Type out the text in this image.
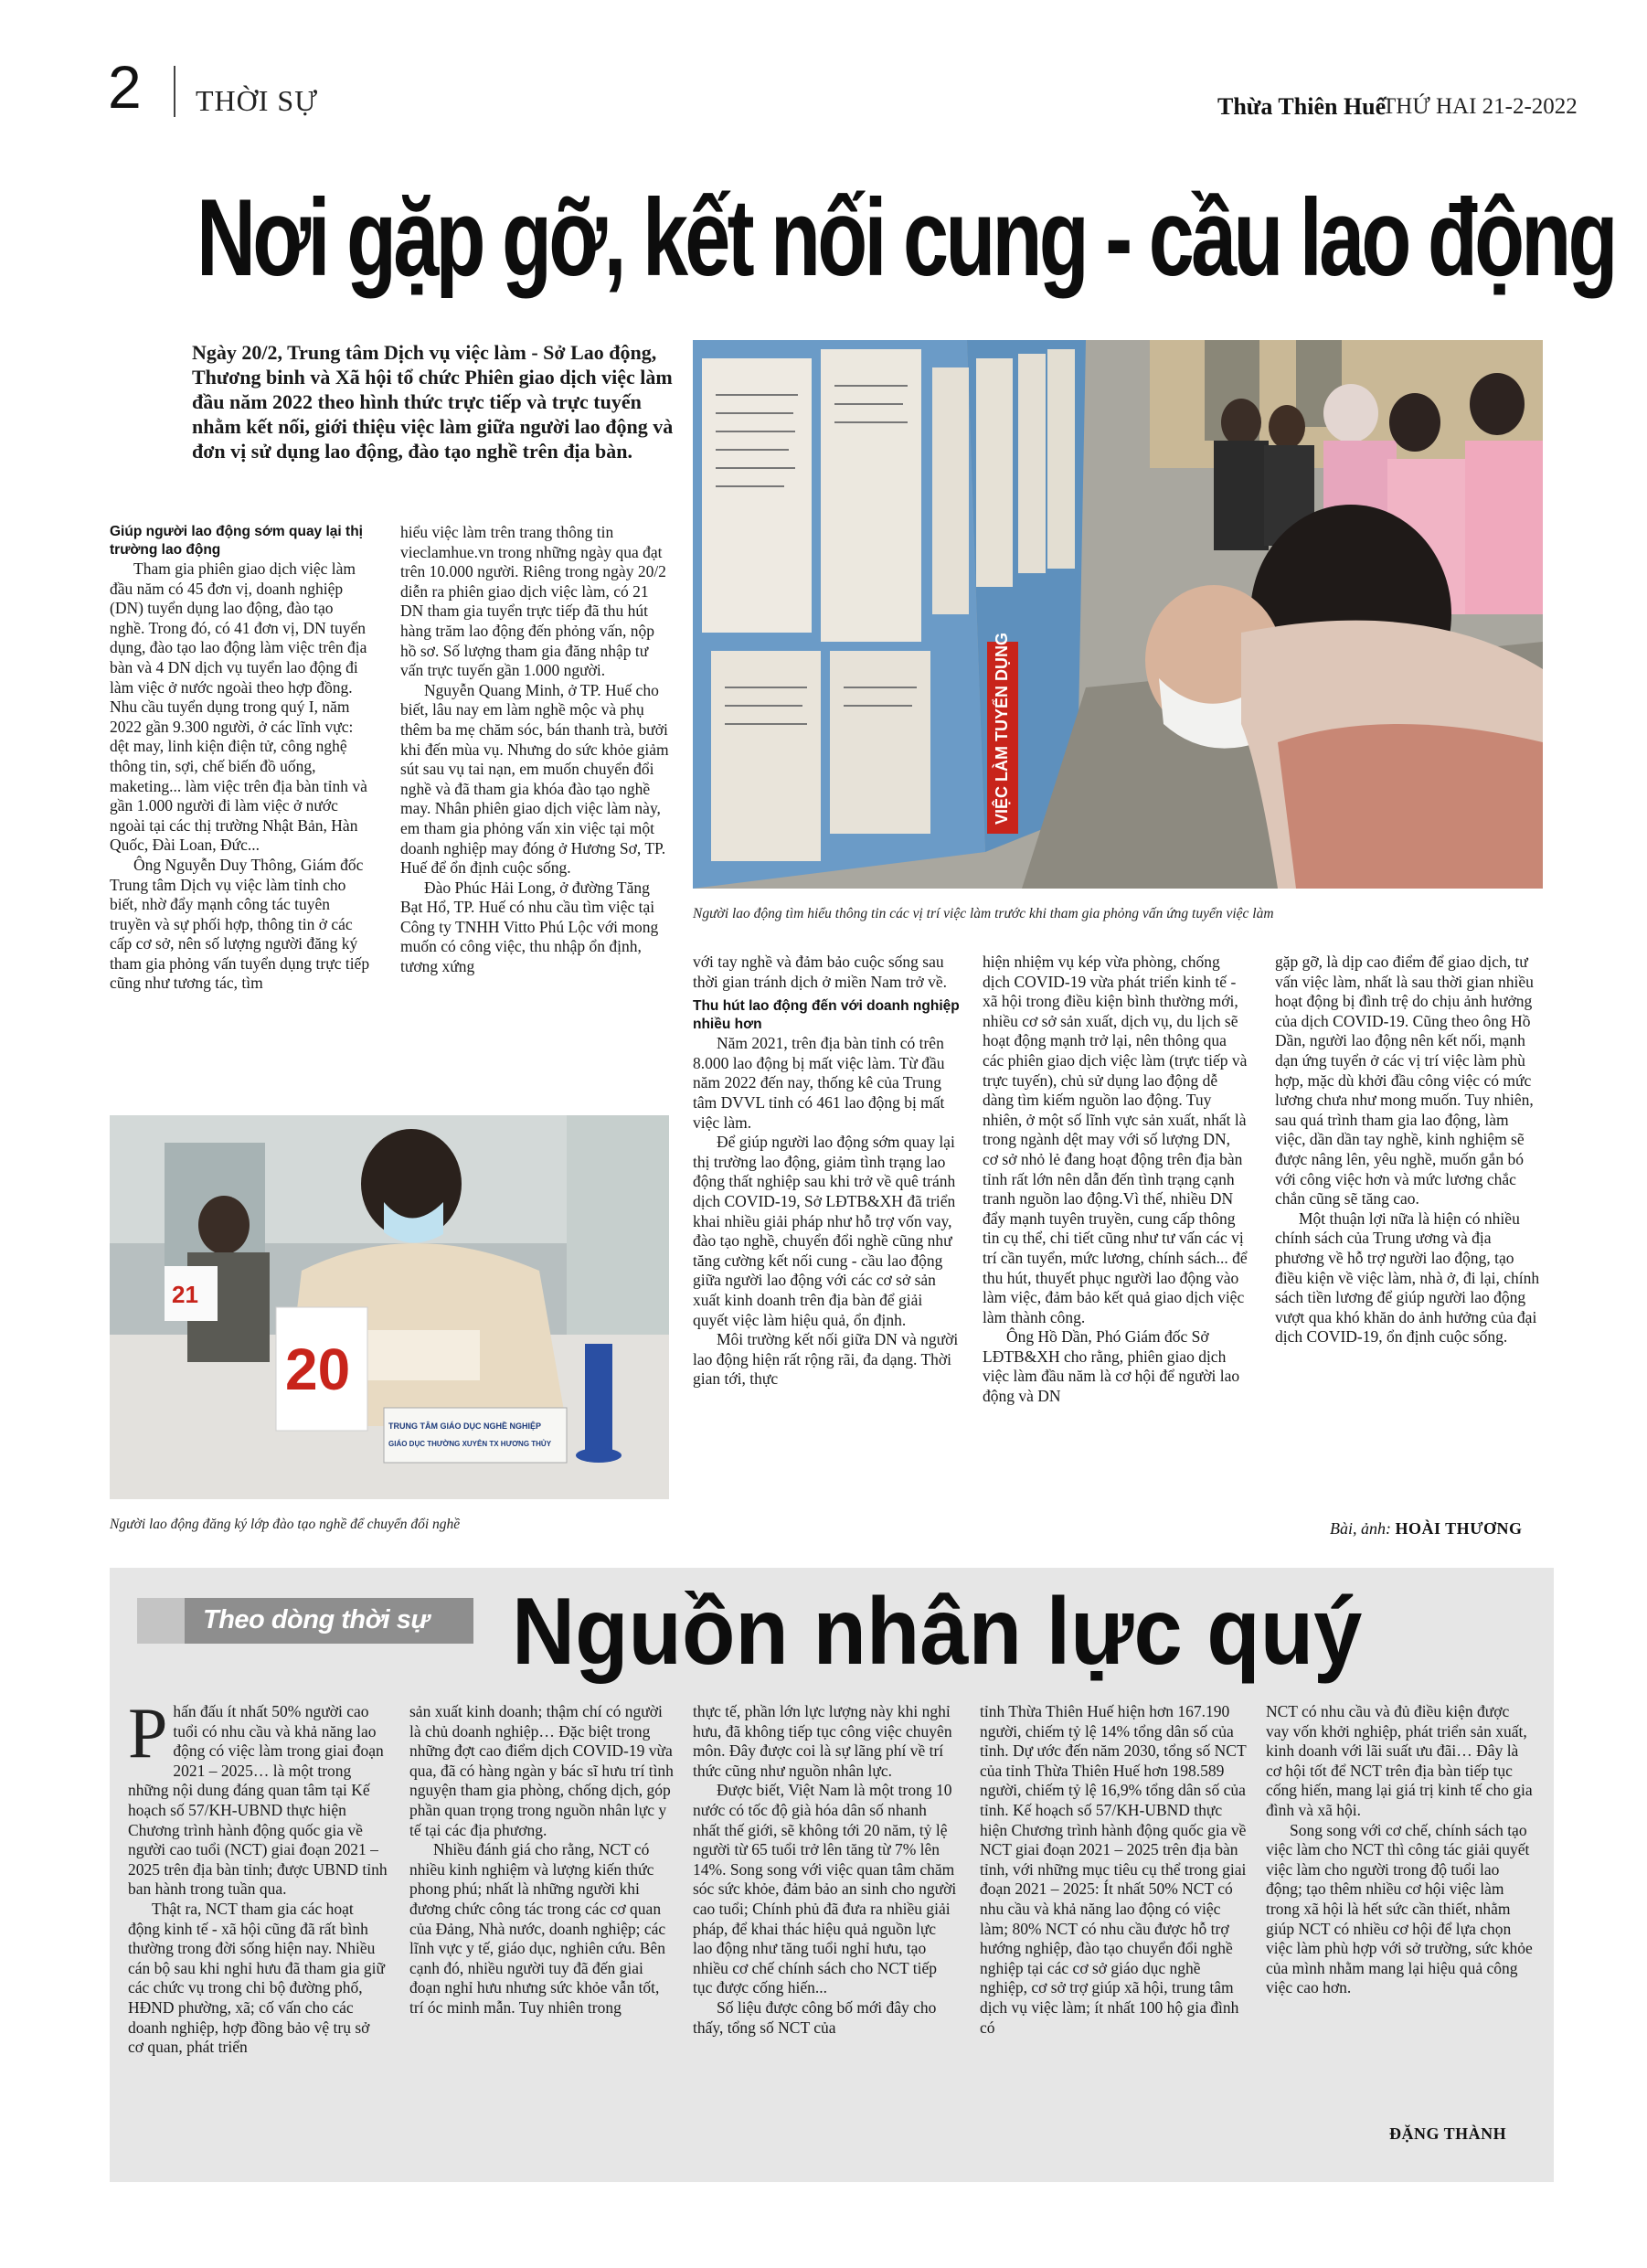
2 THỜI SỰ	Thừa Thiên Huế
THỨ HAI 21-2-2022
Nơi gặp gỡ, kết nối cung - cầu lao động
Ngày 20/2, Trung tâm Dịch vụ việc làm - Sở Lao động, Thương binh và Xã hội tổ chức Phiên giao dịch việc làm đầu năm 2022 theo hình thức trực tiếp và trực tuyến nhằm kết nối, giới thiệu việc làm giữa người lao động và đơn vị sử dụng lao động, đào tạo nghề trên địa bàn.
VIỆC LÀM TUYỂN DỤNG
Người lao động tìm hiểu thông tin các vị trí việc làm trước khi tham gia phỏng vấn ứng tuyển việc làm
21
20
TRUNG TÂM GIÁO DỤC NGHỀ NGHIỆP
GIÁO DỤC THƯỜNG XUYÊN TX HƯƠNG THỦY
Người lao động đăng ký lớp đào tạo nghề để chuyển đổi nghề

Giúp người lao động sớm quay lại thị trường lao động

Tham gia phiên giao dịch việc làm đầu năm có 45 đơn vị, doanh nghiệp (DN) tuyển dụng lao động, đào tạo nghề. Trong đó, có 41 đơn vị, DN tuyển dụng, đào tạo lao động làm việc trên địa bàn và 4 DN dịch vụ tuyển lao động đi làm việc ở nước ngoài theo hợp đồng. Nhu cầu tuyển dụng trong quý I, năm 2022 gần 9.300 người, ở các lĩnh vực: dệt may, linh kiện điện tử, công nghệ thông tin, sợi, chế biến đồ uống, maketing... làm việc trên địa bàn tỉnh và gần 1.000 người đi làm việc ở nước ngoài tại các thị trường Nhật Bản, Hàn Quốc, Đài Loan, Đức...

Ông Nguyễn Duy Thông, Giám đốc Trung tâm Dịch vụ việc làm tỉnh cho biết, nhờ đẩy mạnh công tác tuyên truyền và sự phối hợp, thông tin ở các cấp cơ sở, nên số lượng người đăng ký tham gia phỏng vấn tuyển dụng trực tiếp cũng như tương tác, tìm

hiểu việc làm trên trang thông tin vieclamhue.vn trong những ngày qua đạt trên 10.000 người. Riêng trong ngày 20/2 diễn ra phiên giao dịch việc làm, có 21 DN tham gia tuyển trực tiếp đã thu hút hàng trăm lao động đến phỏng vấn, nộp hồ sơ. Số lượng tham gia đăng nhập tư vấn trực tuyến gần 1.000 người.

Nguyễn Quang Minh, ở TP. Huế cho biết, lâu nay em làm nghề mộc và phụ thêm ba mẹ chăm sóc, bán thanh trà, bưởi khi đến mùa vụ. Nhưng do sức khỏe giảm sút sau vụ tai nạn, em muốn chuyển đổi nghề và đã tham gia khóa đào tạo nghề may. Nhân phiên giao dịch việc làm này, em tham gia phỏng vấn xin việc tại một doanh nghiệp may đóng ở Hương Sơ, TP. Huế để ổn định cuộc sống.

Đào Phúc Hải Long, ở đường Tăng Bạt Hổ, TP. Huế có nhu cầu tìm việc tại Công ty TNHH Vitto Phú Lộc với mong muốn có công việc, thu nhập ổn định, tương xứng	với tay nghề và đảm bảo cuộc sống sau thời gian tránh dịch ở miền Nam trở về.

Thu hút lao động đến với doanh nghiệp nhiều hơn

Năm 2021, trên địa bàn tỉnh có trên 8.000 lao động bị mất việc làm. Từ đầu năm 2022 đến nay, thống kê của Trung tâm DVVL tỉnh có 461 lao động bị mất việc làm.

Để giúp người lao động sớm quay lại thị trường lao động, giảm tình trạng lao động thất nghiệp sau khi trở về quê tránh dịch COVID-19, Sở LĐTB&XH đã triển khai nhiều giải pháp như hỗ trợ vốn vay, đào tạo nghề, chuyển đổi nghề cũng như tăng cường kết nối cung - cầu lao động giữa người lao động với các cơ sở sản xuất kinh doanh trên địa bàn để giải quyết việc làm hiệu quả, ổn định.

Môi trường kết nối giữa DN và người lao động hiện rất rộng rãi, đa dạng. Thời gian tới, thực

hiện nhiệm vụ kép vừa phòng, chống dịch COVID-19 vừa phát triển kinh tế - xã hội trong điều kiện bình thường mới, nhiều cơ sở sản xuất, dịch vụ, du lịch sẽ hoạt động mạnh trở lại, nên thông qua các phiên giao dịch việc làm (trực tiếp và trực tuyến), chủ sử dụng lao động dễ dàng tìm kiếm nguồn lao động. Tuy nhiên, ở một số lĩnh vực sản xuất, nhất là trong ngành dệt may với số lượng DN, cơ sở nhỏ lẻ đang hoạt động trên địa bàn tỉnh rất lớn nên dẫn đến tình trạng cạnh tranh nguồn lao động.Vì thế, nhiều DN đẩy mạnh tuyên truyền, cung cấp thông tin cụ thể, chi tiết cũng như tư vấn các vị trí cần tuyển, mức lương, chính sách... để thu hút, thuyết phục người lao động vào làm việc, đảm bảo kết quả giao dịch việc làm thành công.

Ông Hồ Dần, Phó Giám đốc Sở LĐTB&XH cho rằng, phiên giao dịch việc làm đầu năm là cơ hội để người lao động và DN

gặp gỡ, là dịp cao điểm để giao dịch, tư vấn việc làm, nhất là sau thời gian nhiều hoạt động bị đình trệ do chịu ảnh hưởng của dịch COVID-19. Cũng theo ông Hồ Dần, người lao động nên kết nối, mạnh dạn ứng tuyển ở các vị trí việc làm phù hợp, mặc dù khởi đầu công việc có mức lương chưa như mong muốn. Tuy nhiên, sau quá trình tham gia lao động, làm việc, dần dần tay nghề, kinh nghiệm sẽ được nâng lên, yêu nghề, muốn gắn bó với công việc hơn và mức lương chắc chắn cũng sẽ tăng cao.

Một thuận lợi nữa là hiện có nhiều chính sách của Trung ương và địa phương về hỗ trợ người lao động, tạo điều kiện về việc làm, nhà ở, đi lại, chính sách tiền lương để giúp người lao động vượt qua khó khăn do ảnh hưởng của đại dịch COVID-19, ổn định cuộc sống.

Bài, ảnh: HOÀI THƯƠNG
Theo dòng thời sự Nguồn nhân lực quý

P hấn đấu ít nhất 50% người cao tuổi có nhu cầu và khả năng lao động có việc làm trong giai đoạn 2021 – 2025… là một trong những nội dung đáng quan tâm tại Kế hoạch số 57/KH-UBND thực hiện Chương trình hành động quốc gia về người cao tuổi (NCT) giai đoạn 2021 – 2025 trên địa bàn tỉnh; được UBND tỉnh ban hành trong tuần qua.

Thật ra, NCT tham gia các hoạt động kinh tế - xã hội cũng đã rất bình thường trong đời sống hiện nay. Nhiều cán bộ sau khi nghỉ hưu đã tham gia giữ các chức vụ trong chi bộ đường phố, HĐND phường, xã; cố vấn cho các doanh nghiệp, hợp đồng bảo vệ trụ sở cơ quan, phát triển

sản xuất kinh doanh; thậm chí có người là chủ doanh nghiệp… Đặc biệt trong những đợt cao điểm dịch COVID-19 vừa qua, đã có hàng ngàn y bác sĩ hưu trí tình nguyện tham gia phòng, chống dịch, góp phần quan trọng trong nguồn nhân lực y tế tại các địa phương.

Nhiều đánh giá cho rằng, NCT có nhiều kinh nghiệm và lượng kiến thức phong phú; nhất là những người khi đương chức công tác trong các cơ quan của Đảng, Nhà nước, doanh nghiệp; các lĩnh vực y tế, giáo dục, nghiên cứu. Bên cạnh đó, nhiều người tuy đã đến giai đoạn nghỉ hưu nhưng sức khỏe vẫn tốt, trí óc minh mẫn. Tuy nhiên trong

thực tế, phần lớn lực lượng này khi nghỉ hưu, đã không tiếp tục công việc chuyên môn. Đây được coi là sự lãng phí về trí thức cũng như nguồn nhân lực.

Được biết, Việt Nam là một trong 10 nước có tốc độ già hóa dân số nhanh nhất thế giới, sẽ không tới 20 năm, tỷ lệ người từ 65 tuổi trở lên tăng từ 7% lên 14%. Song song với việc quan tâm chăm sóc sức khỏe, đảm bảo an sinh cho người cao tuổi; Chính phủ đã đưa ra nhiều giải pháp, để khai thác hiệu quả nguồn lực lao động như tăng tuổi nghỉ hưu, tạo nhiều cơ chế chính sách cho NCT tiếp tục được cống hiến...

Số liệu được công bố mới đây cho thấy, tổng số NCT của

tỉnh Thừa Thiên Huế hiện hơn 167.190 người, chiếm tỷ lệ 14% tổng dân số của tỉnh. Dự ước đến năm 2030, tổng số NCT của tỉnh Thừa Thiên Huế hơn 198.589 người, chiếm tỷ lệ 16,9% tổng dân số của tỉnh. Kế hoạch số 57/KH-UBND thực hiện Chương trình hành động quốc gia về NCT giai đoạn 2021 – 2025 trên địa bàn tỉnh, với những mục tiêu cụ thể trong giai đoạn 2021 – 2025: Ít nhất 50% NCT có nhu cầu và khả năng lao động có việc làm; 80% NCT có nhu cầu được hỗ trợ hướng nghiệp, đào tạo chuyển đổi nghề nghiệp tại các cơ sở giáo dục nghề nghiệp, cơ sở trợ giúp xã hội, trung tâm dịch vụ việc làm; ít nhất 100 hộ gia đình có

NCT có nhu cầu và đủ điều kiện được vay vốn khởi nghiệp, phát triển sản xuất, kinh doanh với lãi suất ưu đãi… Đây là cơ hội tốt để NCT trên địa bàn tiếp tục cống hiến, mang lại giá trị kinh tế cho gia đình và xã hội.

Song song với cơ chế, chính sách tạo việc làm cho NCT thì công tác giải quyết việc làm cho người trong độ tuổi lao động; tạo thêm nhiều cơ hội việc làm trong xã hội là hết sức cần thiết, nhằm giúp NCT có nhiều cơ hội để lựa chọn việc làm phù hợp với sở trường, sức khỏe của mình nhằm mang lại hiệu quả công việc cao hơn.

ĐẶNG THÀNH
